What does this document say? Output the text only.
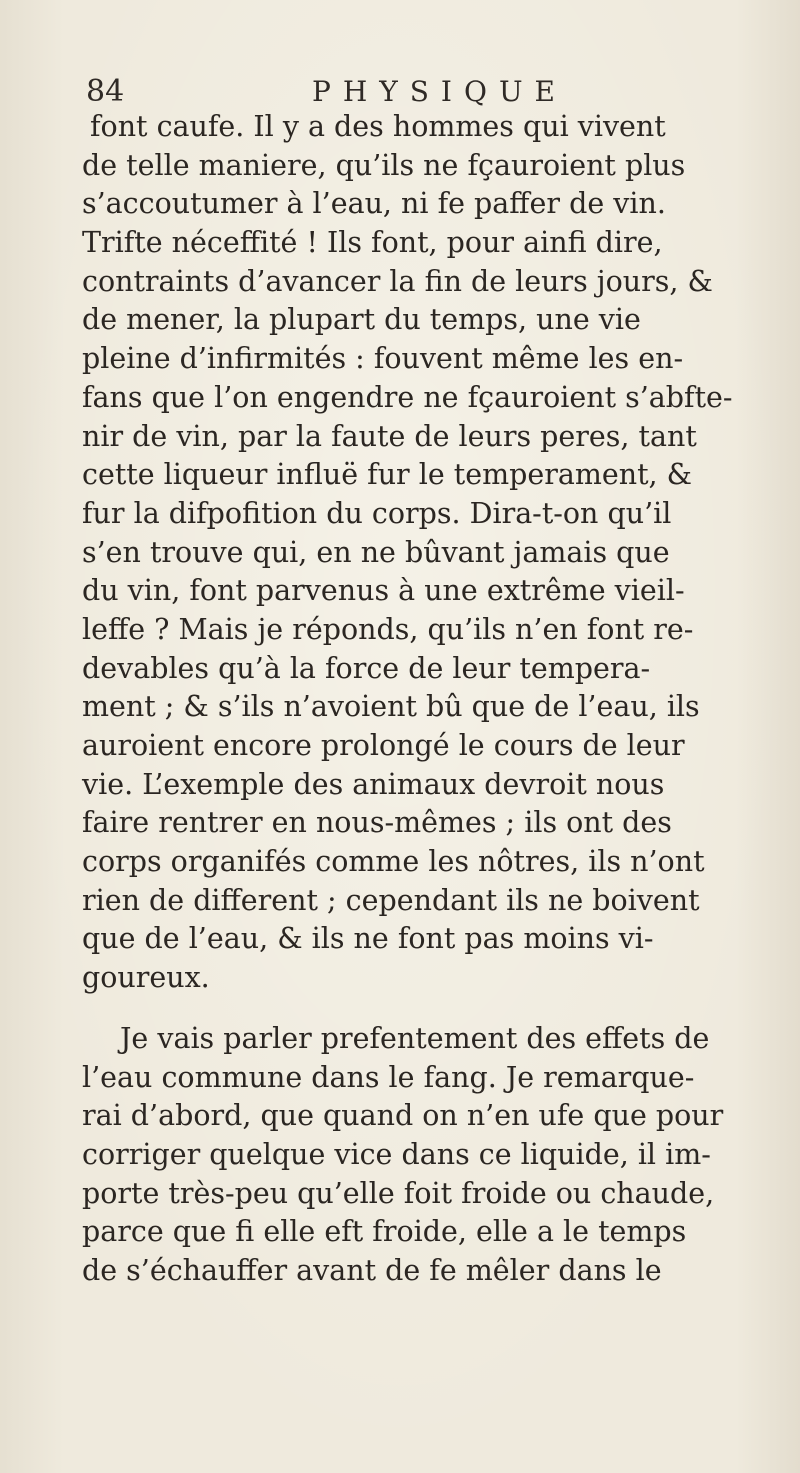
84	PHYSIQUE
font caufe. Il y a des hommes qui vivent
de telle maniere, qu’ils ne fçauroient plus
s’accoutumer à l’eau, ni fe paffer de vin.
Trifte néceffité ! Ils font, pour ainfi dire,
contraints d’avancer la fin de leurs jours, &
de mener, la plupart du temps, une vie
pleine d’infirmités : fouvent même les en-
fans que l’on engendre ne fçauroient s’abfte-
nir de vin, par la faute de leurs peres, tant
cette liqueur influë fur le temperament, &
fur la difpofition du corps. Dira-t-on qu’il
s’en trouve qui, en ne bûvant jamais que
du vin, font parvenus à une extrême vieil-
leffe ? Mais je réponds, qu’ils n’en font re-
devables qu’à la force de leur tempera-
ment ; & s’ils n’avoient bû que de l’eau, ils
auroient encore prolongé le cours de leur
vie. L’exemple des animaux devroit nous
faire rentrer en nous-mêmes ; ils ont des
corps organifés comme les nôtres, ils n’ont
rien de different ; cependant ils ne boivent
que de l’eau, & ils ne font pas moins vi-
goureux.
Je vais parler prefentement des effets de
l’eau commune dans le fang. Je remarque-
rai d’abord, que quand on n’en ufe que pour
corriger quelque vice dans ce liquide, il im-
porte très-peu qu’elle foit froide ou chaude,
parce que fi elle eft froide, elle a le temps
de s’échauffer avant de fe mêler dans le
